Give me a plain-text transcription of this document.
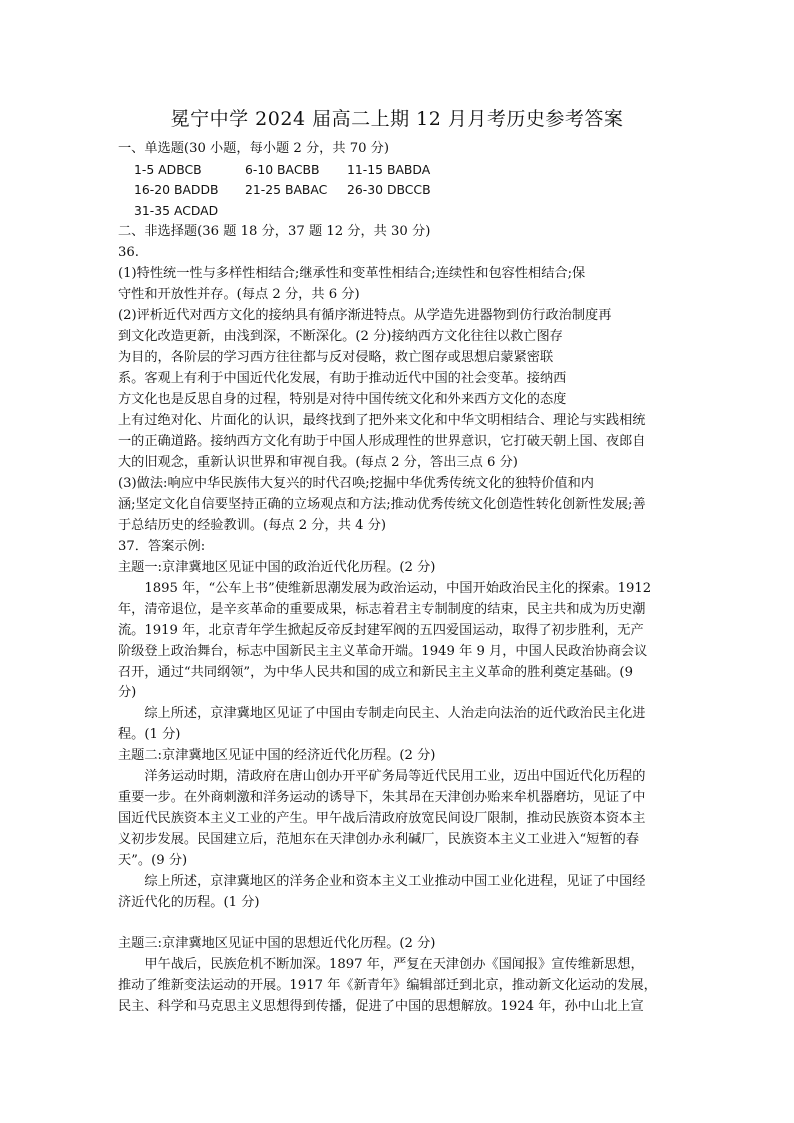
冕宁中学 2024 届高二上期 12 月月考历史参考答案
一、单选题(30 小题，每小题 2 分，共 70 分)
1-5 ADBCB	6-10 BACBB 11-15 BABDA
16-20 BADDB 21-25 BABAC 26-30 DBCCB
31-35 ACDAD
二、非选择题(36 题 18 分，37 题 12 分，共 30 分)
36.
(1)特性统一性与多样性相结合;继承性和变革性相结合;连续性和包容性相结合;保
守性和开放性并存。(每点 2 分，共 6 分)
(2)评析近代对西方文化的接纳具有循序渐进特点。从学造先进器物到仿行政治制度再
到文化改造更新，由浅到深，不断深化。(2 分)接纳西方文化往往以救亡图存
为目的，各阶层的学习西方往往都与反对侵略，救亡图存或思想启蒙紧密联
系。客观上有利于中国近代化发展，有助于推动近代中国的社会变革。接纳西
方文化也是反思自身的过程，特别是对待中国传统文化和外来西方文化的态度
上有过绝对化、片面化的认识，最终找到了把外来文化和中华文明相结合、理论与实践相统
一的正确道路。接纳西方文化有助于中国人形成理性的世界意识，它打破天朝上国、夜郎自
大的旧观念，重新认识世界和审视自我。(每点 2 分，答出三点 6 分)
(3)做法:响应中华民族伟大复兴的时代召唤;挖掘中华优秀传统文化的独特价值和内
涵;坚定文化自信要坚持正确的立场观点和方法;推动优秀传统文化创造性转化创新性发展;善
于总结历史的经验教训。(每点 2 分，共 4 分)
37．答案示例:
主题一:京津冀地区见证中国的政治近代化历程。(2 分)
　　1895 年，“公车上书”使维新思潮发展为政治运动，中国开始政治民主化的探索。1912
年，清帝退位，是辛亥革命的重要成果，标志着君主专制制度的结束，民主共和成为历史潮
流。1919 年，北京青年学生掀起反帝反封建军阀的五四爱国运动，取得了初步胜利，无产
阶级登上政治舞台，标志中国新民主主义革命开端。1949 年 9 月，中国人民政治协商会议
召开，通过“共同纲领”，为中华人民共和国的成立和新民主主义革命的胜利奠定基础。(9
分)
　　综上所述，京津冀地区见证了中国由专制走向民主、人治走向法治的近代政治民主化进
程。(1 分)
主题二:京津冀地区见证中国的经济近代化历程。(2 分)
　　洋务运动时期，清政府在唐山创办开平矿务局等近代民用工业，迈出中国近代化历程的
重要一步。在外商刺激和洋务运动的诱导下，朱其昂在天津创办贻来牟机器磨坊，见证了中
国近代民族资本主义工业的产生。甲午战后清政府放宽民间设厂限制，推动民族资本资本主
义初步发展。民国建立后，范旭东在天津创办永利碱厂，民族资本主义工业进入“短暂的春
天”。(9 分)
　　综上所述，京津冀地区的洋务企业和资本主义工业推动中国工业化进程，见证了中国经
济近代化的历程。(1 分)
主题三:京津冀地区见证中国的思想近代化历程。(2 分)
　　甲午战后，民族危机不断加深。1897 年，严复在天津创办《国闻报》宣传维新思想，
推动了维新变法运动的开展。1917 年《新青年》编辑部迁到北京，推动新文化运动的发展，
民主、科学和马克思主义思想得到传播，促进了中国的思想解放。1924 年，孙中山北上宣
